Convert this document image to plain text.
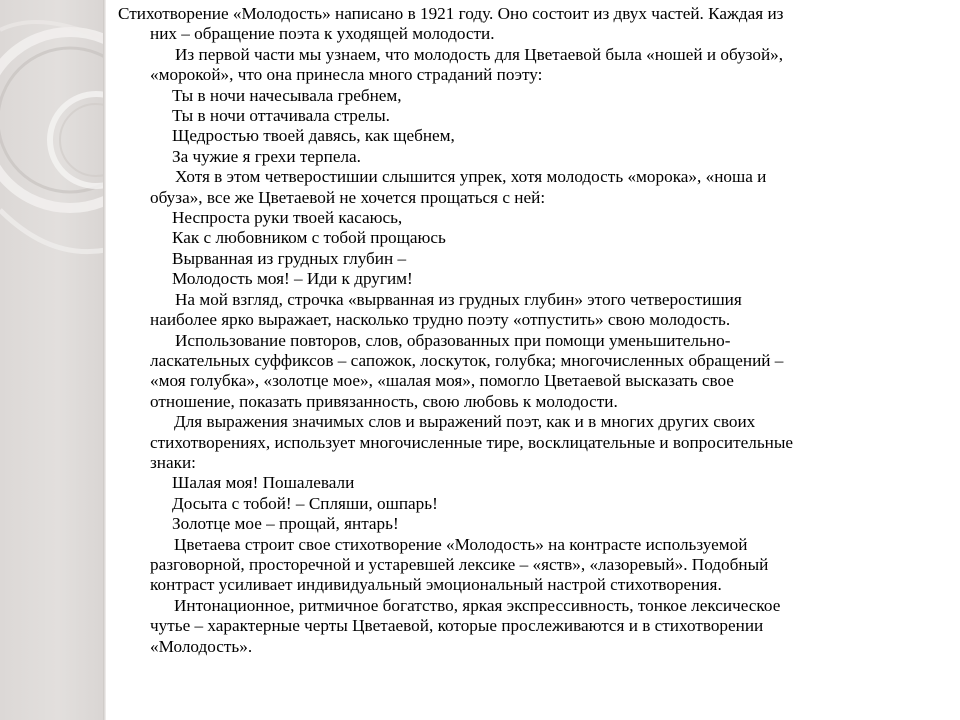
Стихотворение «Молодость» написано в 1921 году. Оно состоит из двух частей. Каждая из

них – обращение поэта к уходящей молодости.

Из первой части мы узнаем, что молодость для Цветаевой была «ношей и обузой»,

«морокой», что она принесла много страданий поэту:

Ты в ночи начесывала гребнем,

Ты в ночи оттачивала стрелы.

Щедростью твоей давясь, как щебнем,

За чужие я грехи терпела.

Хотя в этом четверостишии слышится упрек, хотя молодость «морока», «ноша и

обуза», все же Цветаевой не хочется прощаться с ней:

Неспроста руки твоей касаюсь,

Как с любовником с тобой прощаюсь

Вырванная из грудных глубин –

Молодость моя! – Иди к другим!

На мой взгляд, строчка «вырванная из грудных глубин» этого четверостишия

наиболее ярко выражает, насколько трудно поэту «отпустить» свою молодость.

Использование повторов, слов, образованных при помощи уменьшительно-

ласкательных суффиксов – сапожок, лоскуток, голубка; многочисленных обращений –

«моя голубка», «золотце мое», «шалая моя», помогло Цветаевой высказать свое

отношение, показать привязанность, свою любовь к молодости.

Для выражения значимых слов и выражений поэт, как и в многих других своих

стихотворениях, использует многочисленные тире, восклицательные и вопросительные

знаки:

Шалая моя! Пошалевали

Досыта с тобой! – Спляши, ошпарь!

Золотце мое – прощай, янтарь!

Цветаева строит свое стихотворение «Молодость» на контрасте используемой

разговорной, просторечной и устаревшей лексике – «яств», «лазоревый». Подобный

контраст усиливает индивидуальный эмоциональный настрой стихотворения.

Интонационное, ритмичное богатство, яркая экспрессивность, тонкое лексическое

чутье – характерные черты Цветаевой, которые прослеживаются и в стихотворении

«Молодость».
